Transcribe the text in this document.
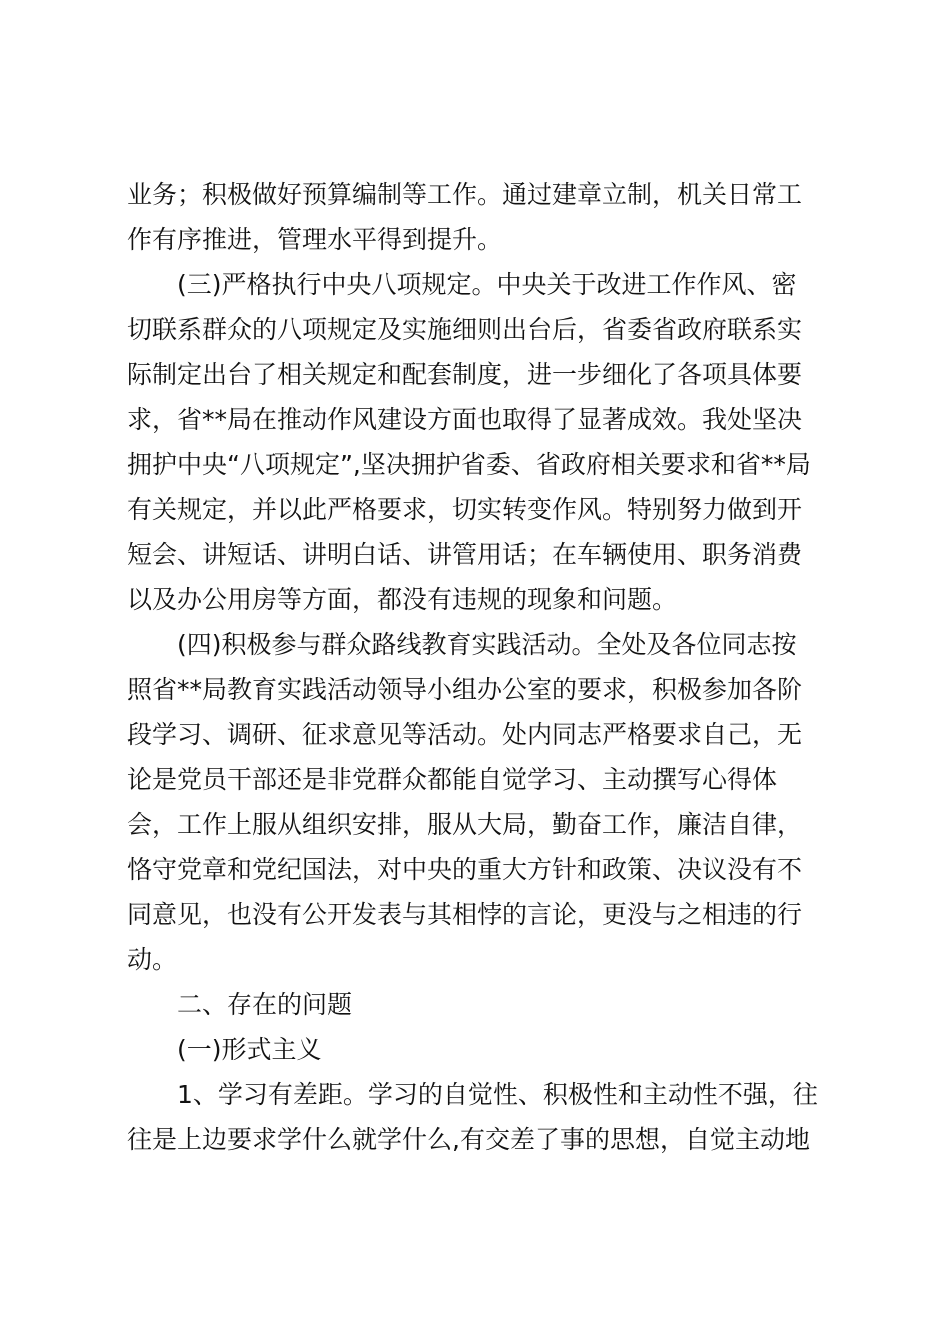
业务；积极做好预算编制等工作。通过建章立制，机关日常工
作有序推进，管理水平得到提升。
(三)严格执行中央八项规定。中央关于改进工作作风、密
切联系群众的八项规定及实施细则出台后，省委省政府联系实
际制定出台了相关规定和配套制度，进一步细化了各项具体要
求，省**局在推动作风建设方面也取得了显著成效。我处坚决
拥护中央“八项规定”,坚决拥护省委、省政府相关要求和省**局
有关规定，并以此严格要求，切实转变作风。特别努力做到开
短会、讲短话、讲明白话、讲管用话；在车辆使用、职务消费
以及办公用房等方面，都没有违规的现象和问题。
(四)积极参与群众路线教育实践活动。全处及各位同志按
照省**局教育实践活动领导小组办公室的要求，积极参加各阶
段学习、调研、征求意见等活动。处内同志严格要求自己，无
论是党员干部还是非党群众都能自觉学习、主动撰写心得体
会，工作上服从组织安排，服从大局，勤奋工作，廉洁自律，
恪守党章和党纪国法，对中央的重大方针和政策、决议没有不
同意见，也没有公开发表与其相悖的言论，更没与之相违的行
动。
二、存在的问题
(一)形式主义
1、学习有差距。学习的自觉性、积极性和主动性不强，往
往是上边要求学什么就学什么,有交差了事的思想，自觉主动地
